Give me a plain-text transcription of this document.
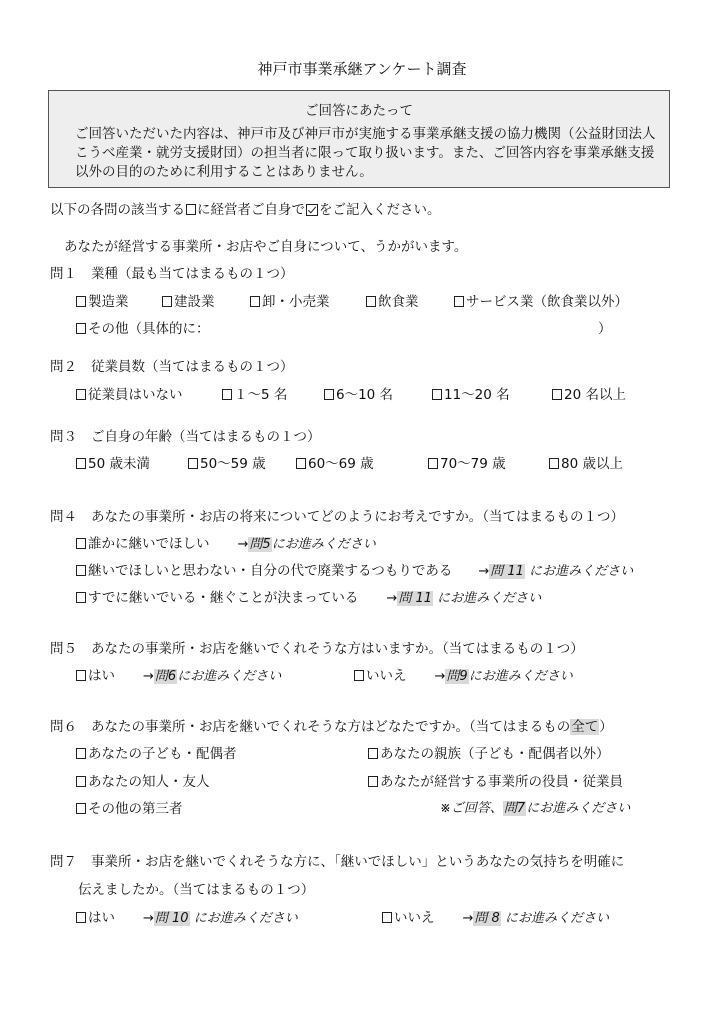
神戸市事業承継アンケート調査
ご回答にあたって
ご回答いただいた内容は、神戸市及び神戸市が実施する事業承継支援の協力機関（公益財団法人
こうべ産業・就労支援財団）の担当者に限って取り扱います。また、ご回答内容を事業承継支援
以外の目的のために利用することはありません。
以下の各問の該当する に経営者ご自身で をご記入ください。
あなたが経営する事業所・お店やご自身について、うかがいます。
問１ 業種（最も当てはまるもの１つ）
製造業	建設業	卸・小売業	飲食業	サービス業（飲食業以外）
その他（具体的に：	）
問２ 従業員数（当てはまるもの１つ）
従業員はいない	１～5 名	6～10 名	11～20 名	20 名以上
問３ ご自身の年齢（当てはまるもの１つ）
50 歳未満	50～59 歳	60～69 歳	70～79 歳	80 歳以上
問４ あなたの事業所・お店の将来についてどのようにお考えですか。（当てはまるもの１つ）
誰かに継いでほしい →問5にお進みください
継いでほしいと思わない・自分の代で廃業するつもりである →問 11 にお進みください
すでに継いでいる・継ぐことが決まっている →問 11 にお進みください
問５ あなたの事業所・お店を継いでくれそうな方はいますか。（当てはまるもの１つ）
はい →問6にお進みください	いいえ →問9にお進みください
問６ あなたの事業所・お店を継いでくれそうな方はどなたですか。（当てはまるもの全て）
あなたの子ども・配偶者	あなたの親族（子ども・配偶者以外）
あなたの知人・友人	あなたが経営する事業所の役員・従業員
その他の第三者	※ご回答、問7にお進みください
問７ 事業所・お店を継いでくれそうな方に、「継いでほしい」というあなたの気持ちを明確に
伝えましたか。（当てはまるもの１つ）
はい →問 10 にお進みください	いいえ →問 8 にお進みください
